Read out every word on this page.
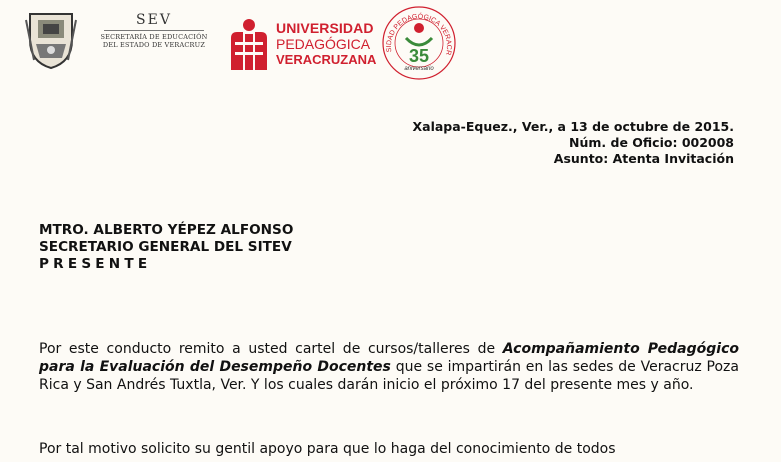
SEV
SECRETARÍA DE EDUCACIÓN
DEL ESTADO DE VERACRUZ
UNIVERSIDAD
PEDAGÓGICA
VERACRUZANA
SIDAD PEDAGÓGICA VERACR
35
aniversario
Xalapa-Equez., Ver., a 13 de octubre de 2015.
Núm. de Oficio: 002008
Asunto: Atenta Invitación
MTRO. ALBERTO YÉPEZ ALFONSO
SECRETARIO GENERAL DEL SITEV
PRESENTE
Por este conducto remito a usted cartel de cursos/talleres de Acompañamiento Pedagógico para la Evaluación del Desempeño Docentes que se impartirán en las sedes de Veracruz Poza Rica y San Andrés Tuxtla, Ver. Y los cuales darán inicio el próximo 17 del presente mes y año.
Por tal motivo solicito su gentil apoyo para que lo haga del conocimiento de todos
